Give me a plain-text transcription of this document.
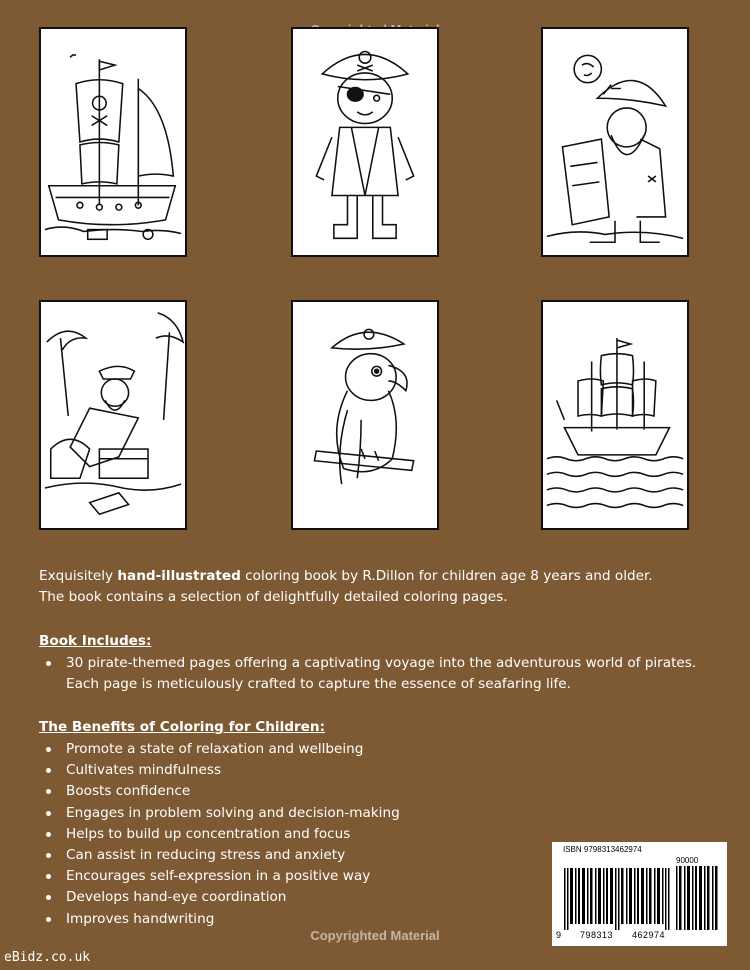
Exquisitely hand-illustrated coloring book by R.Dillon for children age 8 years and older.

The book contains a selection of delightfully detailed coloring pages.

Book Includes:
30 pirate-themed pages offering a captivating voyage into the adventurous world of pirates. Each page is meticulously crafted to capture the essence of seafaring life.
The Benefits of Coloring for Children:
Promote a state of relaxation and wellbeing
Cultivates mindfulness
Boosts confidence
Engages in problem solving and decision-making
Helps to build up concentration and focus
Can assist in reducing stress and anxiety
Encourages self-expression in a positive way
Develops hand-eye coordination
Improves handwriting
ISBN 9798313462974
90000
9 798313 462974
Copyrighted Material
eBidz.co.uk
